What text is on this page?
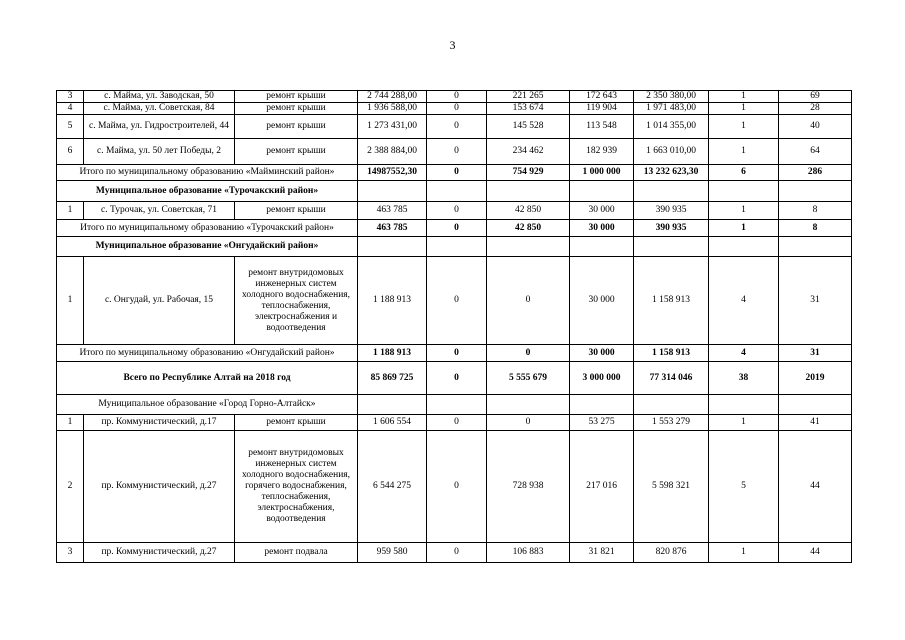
3
3	с. Майма, ул. Заводская, 50	ремонт крыши	2 744 288,00	0	221 265	172 643	2 350 380,00	1	69
4	с. Майма, ул. Советская, 84	ремонт крыши	1 936 588,00	0	153 674	119 904	1 971 483,00	1	28
5	с. Майма, ул. Гидростроителей, 44	ремонт крыши	1 273 431,00	0	145 528	113 548	1 014 355,00	1	40
6	с. Майма, ул. 50 лет Победы, 2	ремонт крыши	2 388 884,00	0	234 462	182 939	1 663 010,00	1	64
Итого по муниципальному образованию «Майминский район»			14987552,30	0	754 929	1 000 000	13 232 623,30	6	286
Муниципальное образование «Турочакский район»									
1	с. Турочак, ул. Советская, 71	ремонт крыши	463 785	0	42 850	30 000	390 935	1	8
Итого по муниципальному образованию «Турочакский район»			463 785	0	42 850	30 000	390 935	1	8
Муниципальное образование «Онгудайский район»									
1	с. Онгудай, ул. Рабочая, 15	ремонт внутридомовых инженерных систем холодного водоснабжения, теплоснабжения, электроснабжения и водоотведения	1 188 913	0	0	30 000	1 158 913	4	31
Итого по муниципальному образованию «Онгудайский район»			1 188 913	0	0	30 000	1 158 913	4	31
Всего по Республике Алтай на 2018 год			85 869 725	0	5 555 679	3 000 000	77 314 046	38	2019
Муниципальное образование «Город Горно-Алтайск»									
1	пр. Коммунистический, д.17	ремонт крыши	1 606 554	0	0	53 275	1 553 279	1	41
2	пр. Коммунистический, д.27	ремонт внутридомовых инженерных систем холодного водоснабжения, горячего водоснабжения, теплоснабжения, электроснабжения, водоотведения	6 544 275	0	728 938	217 016	5 598 321	5	44
3	пр. Коммунистический, д.27	ремонт подвала	959 580	0	106 883	31 821	820 876	1	44
